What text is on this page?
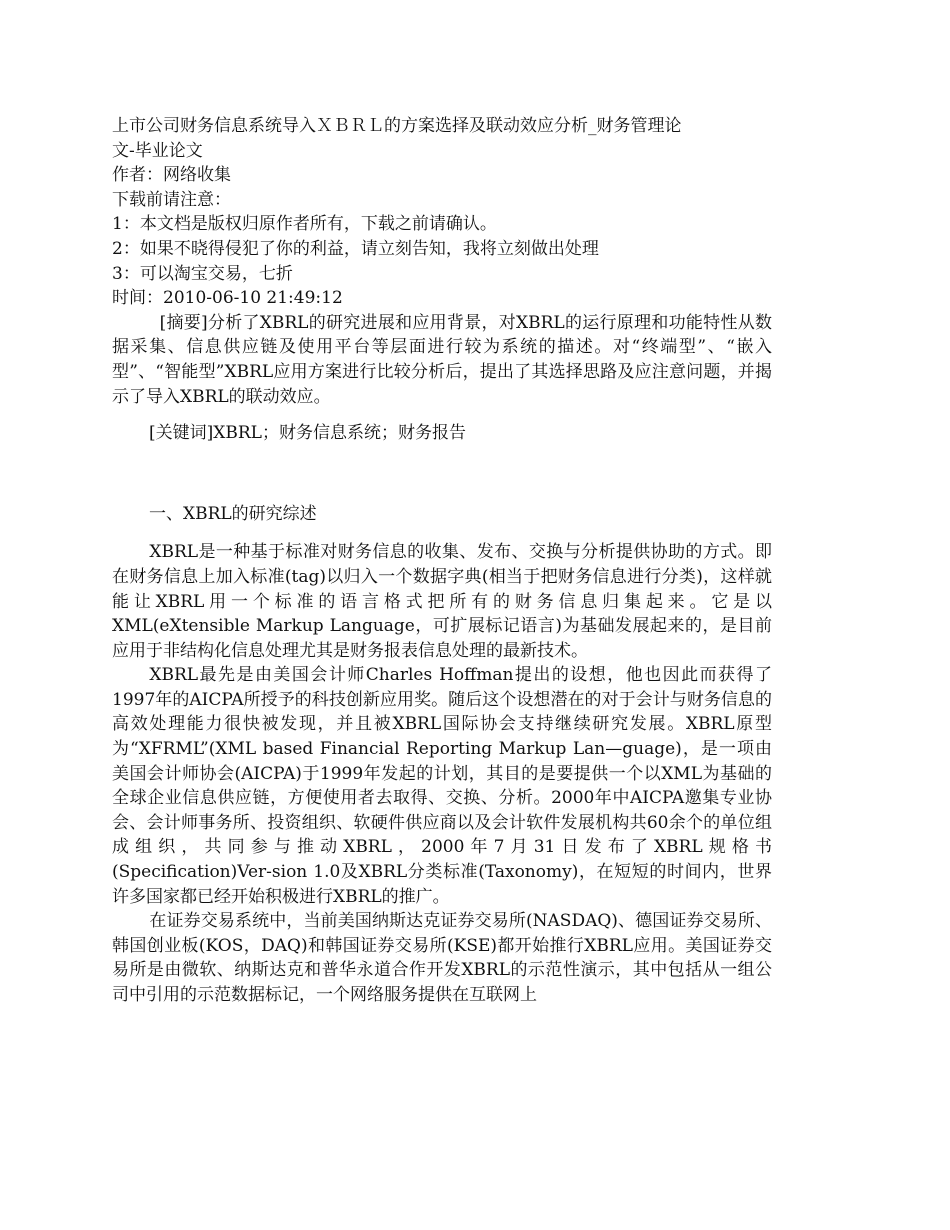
上市公司财务信息系统导入ＸＢＲＬ的方案选择及联动效应分析_财务管理论
文-毕业论文
作者：网络收集
下载前请注意：
1：本文档是版权归原作者所有，下载之前请确认。
2：如果不晓得侵犯了你的利益，请立刻告知，我将立刻做出处理
3：可以淘宝交易，七折
时间：2010-06-10 21:49:12

[摘要]分析了XBRL的研究进展和应用背景，对XBRL的运行原理和功能特性从数据采集、信息供应链及使用平台等层面进行较为系统的描述。对“终端型”、“嵌入型”、“智能型”XBRL应用方案进行比较分析后，提出了其选择思路及应注意问题，并揭示了导入XBRL的联动效应。

[关键词]XBRL；财务信息系统；财务报告

一、XBRL的研究综述

XBRL是一种基于标准对财务信息的收集、发布、交换与分析提供协助的方式。即在财务信息上加入标准(tag)以归入一个数据字典(相当于把财务信息进行分类)，这样就能让XBRL用一个标准的语言格式把所有的财务信息归集起来。它是以XML(eXtensible Markup Language，可扩展标记语言)为基础发展起来的，是目前应用于非结构化信息处理尤其是财务报表信息处理的最新技术。

XBRL最先是由美国会计师Charles Hoffman提出的设想，他也因此而获得了1997年的AICPA所授予的科技创新应用奖。随后这个设想潜在的对于会计与财务信息的高效处理能力很快被发现，并且被XBRL国际协会支持继续研究发展。XBRL原型为“XFRML”(XML based Financial Reporting Markup Lan—guage)，是一项由美国会计师协会(AICPA)于1999年发起的计划，其目的是要提供一个以XML为基础的全球企业信息供应链，方便使用者去取得、交换、分析。2000年中AICPA邀集专业协会、会计师事务所、投资组织、软硬件供应商以及会计软件发展机构共60余个的单位组成组织，共同参与推动XBRL，2000年7月31日发布了XBRL规格书(Specification)Ver-sion 1.0及XBRL分类标准(Taxonomy)，在短短的时间内，世界许多国家都已经开始积极进行XBRL的推广。

在证券交易系统中，当前美国纳斯达克证券交易所(NASDAQ)、德国证券交易所、韩国创业板(KOS，DAQ)和韩国证券交易所(KSE)都开始推行XBRL应用。美国证券交易所是由微软、纳斯达克和普华永道合作开发XBRL的示范性演示，其中包括从一组公司中引用的示范数据标记，一个网络服务提供在互联网上
